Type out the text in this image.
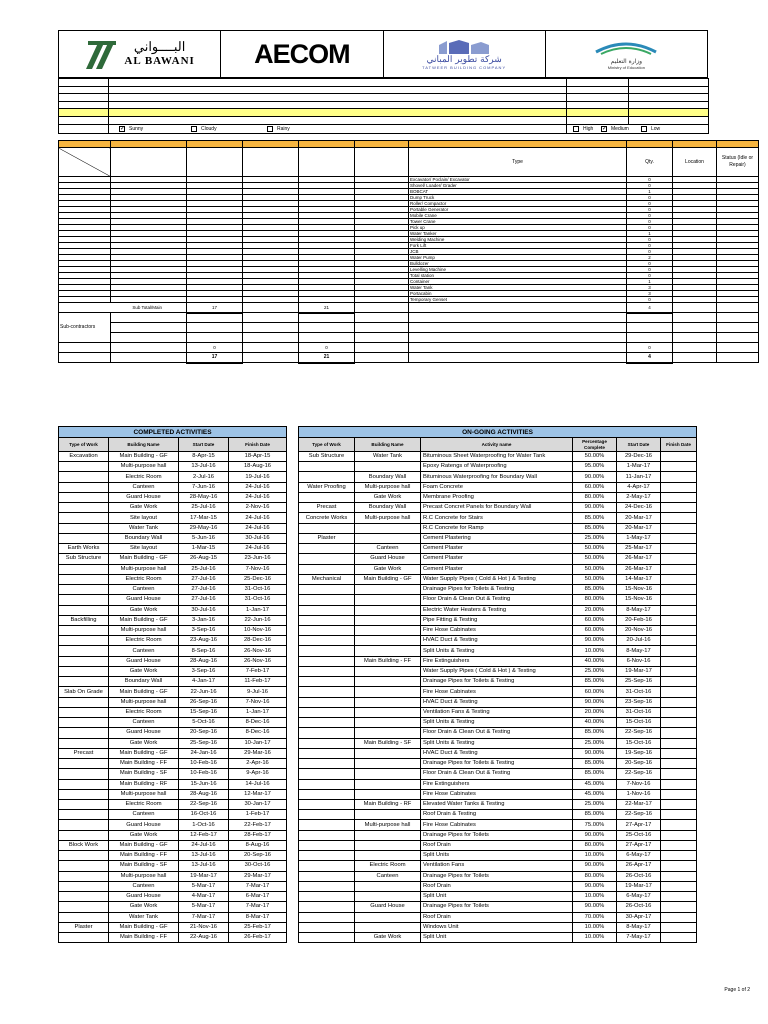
البــــواني
AL BAWANI AECOM	شركة تطوير المباني
TATWEER BUILDING COMPANY
وزارة التعليم
Ministry of Education

	✓ Sunny Cloudy Rainy	High ✓ Medium Low	

						Type	Qty.	Location	Status (Idle or Repair)
						Excavator/ Poclain/ Excavator	0		
						Shovel/ Loader/ Grader	0		
						BOBCAT	1		
						Dump Truck	0		
						Roller/ Compactor	0		
						Portable Generator	0		
						Mobile Crane	0		
						Tower Crane	0		
						Pick up	0		
						Water Tanker	1		
						Welding Machine	0		
						Fork Lift	0		
						JCB	0		
						Water Pump	2		
						Bulldozer	0		
						Levelling Machine	0		
						Total station	0		
						Container	1		
						Water Tank	3		
						Portacabin	3		
						Temporary Genset	0		
Sub Total/Main		17		21			4		
Sub-contractors									

		0		0			0		
		17		21			4		
COMPLETED ACTIVITIES			
Type of Work	Building Name	Start Date	Finish Date
Excavation	Main Building - GF	8-Apr-15	18-Apr-15
	Multi-purpose hall	13-Jul-16	18-Aug-16
	Electric Room	2-Jul-16	19-Jul-16
	Canteen	7-Jun-16	24-Jul-16
	Guard House	28-May-16	24-Jul-16
	Gate Work	25-Jul-16	2-Nov-16
	Site layout	17-Mar-15	24-Jul-16
	Water Tank	29-May-16	24-Jul-16
	Boundary Wall	5-Jun-16	30-Jul-16
Earth Works	Site layout	1-Mar-15	24-Jul-16
Sub Structure	Main Building - GF	26-Aug-15	23-Jun-16
	Multi-purpose hall	25-Jul-16	7-Nov-16
	Electric Room	27-Jul-16	25-Dec-16
	Canteen	27-Jul-16	31-Oct-16
	Guard House	27-Jul-16	31-Oct-16
	Gate Work	30-Jul-16	1-Jan-17
Backfilling	Main Building - GF	3-Jan-16	22-Jun-16
	Multi-purpose hall	3-Sep-16	10-Nov-16
	Electric Room	23-Aug-16	28-Dec-16
	Canteen	8-Sep-16	26-Nov-16
	Guard House	28-Aug-16	26-Nov-16
	Gate Work	3-Sep-16	7-Feb-17
	Boundary Wall	4-Jan-17	11-Feb-17
Slab On Grade	Main Building - GF	22-Jun-16	9-Jul-16
	Multi-purpose hall	26-Sep-16	7-Nov-16
	Electric Room	15-Sep-16	1-Jan-17
	Canteen	5-Oct-16	8-Dec-16
	Guard House	20-Sep-16	8-Dec-16
	Gate Work	25-Sep-16	10-Jan-17
Precast	Main Building - GF	24-Jan-16	29-Mar-16
	Main Building - FF	10-Feb-16	2-Apr-16
	Main Building - SF	10-Feb-16	9-Apr-16
	Main Building - RF	15-Jun-16	14-Jul-16
	Multi-purpose hall	28-Aug-16	12-Mar-17
	Electric Room	22-Sep-16	30-Jan-17
	Canteen	16-Oct-16	1-Feb-17
	Guard House	1-Oct-16	22-Feb-17
	Gate Work	12-Feb-17	28-Feb-17
Block Work	Main Building - GF	24-Jul-16	8-Aug-16
	Main Building - FF	13-Jul-16	20-Sep-16
	Main Building - SF	13-Jul-16	30-Oct-16
	Multi-purpose hall	19-Mar-17	29-Mar-17
	Canteen	5-Mar-17	7-Mar-17
	Guard House	4-Mar-17	6-Mar-17
	Gate Work	5-Mar-17	7-Mar-17
	Water Tank	7-Mar-17	8-Mar-17
Plaster	Main Building - GF	21-Nov-16	25-Feb-17
	Main Building - FF	22-Aug-16	26-Feb-17
ON-GOING ACTIVITIES					
Type of Work	Building Name	Activity name	Percentage Complete	Start Date	Finish Date
Sub Structure	Water Tank	Bituminous Sheet Waterproofing for Water Tank	50.00%	29-Dec-16	
		Epoxy Ratengs of Waterproofing	95.00%	1-Mar-17	
	Boundary Wall	Bituminous Waterproofing for Boundary Wall	90.00%	11-Jan-17	
Water Proofing	Multi-purpose hall	Foam Concrete	60.00%	4-Apr-17	
	Gate Work	Membrane Proofing	80.00%	2-May-17	
Precast	Boundary Wall	Precast Concret Panels for Boundary Wall	90.00%	24-Dec-16	
Concrete Works	Multi-purpose hall	R.C Concrete for Stairs	85.00%	20-Mar-17	
		R.C Concrete for Ramp	85.00%	20-Mar-17	
Plaster		Cement Plastering	25.00%	1-May-17	
	Canteen	Cement Plaster	50.00%	25-Mar-17	
	Guard House	Cement Plaster	50.00%	26-Mar-17	
	Gate Work	Cement Plaster	50.00%	26-Mar-17	
Mechanical	Main Building - GF	Water Supply Pipes ( Cold & Hot ) & Testing	50.00%	14-Mar-17	
		Drainage Pipes for Toilets & Testing	85.00%	15-Nov-16	
		Floor Drain & Clean Out & Testing	80.00%	15-Nov-16	
		Electric Water Heaters & Testing	20.00%	8-May-17	
		Pipe Fitting & Testing	60.00%	20-Feb-16	
		Fire Hose Cabinates	60.00%	20-Nov-16	
		HVAC Duct & Testing	90.00%	20-Jul-16	
		Split Units & Testing	10.00%	8-May-17	
	Main Building - FF	Fire Extinguishers	40.00%	6-Nov-16	
		Water Supply Pipes ( Cold & Hot ) & Testing	25.00%	19-Mar-17	
		Drainage Pipes for Toilets & Testing	85.00%	25-Sep-16	
		Fire Hose Cabinates	60.00%	31-Oct-16	
		HVAC Duct & Testing	90.00%	23-Sep-16	
		Ventilation Fans & Testing	20.00%	31-Oct-16	
		Split Units & Testing	40.00%	15-Oct-16	
		Floor Drain & Clean Out & Testing	85.00%	22-Sep-16	
	Main Building - SF	Split Units & Testing	25.00%	15-Oct-16	
		HVAC Duct & Testing	90.00%	19-Sep-16	
		Drainage Pipes for Toilets & Testing	85.00%	20-Sep-16	
		Floor Drain & Clean Out & Testing	85.00%	22-Sep-16	
		Fire Extinguishers	45.00%	7-Nov-16	
		Fire Hose Cabinates	45.00%	1-Nov-16	
	Main Building - RF	Elevated Water Tanks & Testing	25.00%	22-Mar-17	
		Roof Drain & Testing	85.00%	22-Sep-16	
	Multi-purpose hall	Fire Hose Cabinates	75.00%	27-Apr-17	
		Drainage Pipes for Toilets	90.00%	25-Oct-16	
		Roof Drain	80.00%	27-Apr-17	
		Split Units	10.00%	6-May-17	
	Electric Room	Ventilation Fans	90.00%	26-Apr-17	
	Canteen	Drainage Pipes for Toilets	80.00%	26-Oct-16	
		Roof Drain	90.00%	19-Mar-17	
		Split Unit	10.00%	6-May-17	
	Guard House	Drainage Pipes for Toilets	90.00%	26-Oct-16	
		Roof Drain	70.00%	30-Apr-17	
		Windows Unit	10.00%	8-May-17	
	Gate Work	Split Unit	10.00%	7-May-17	
Page 1 of 2
